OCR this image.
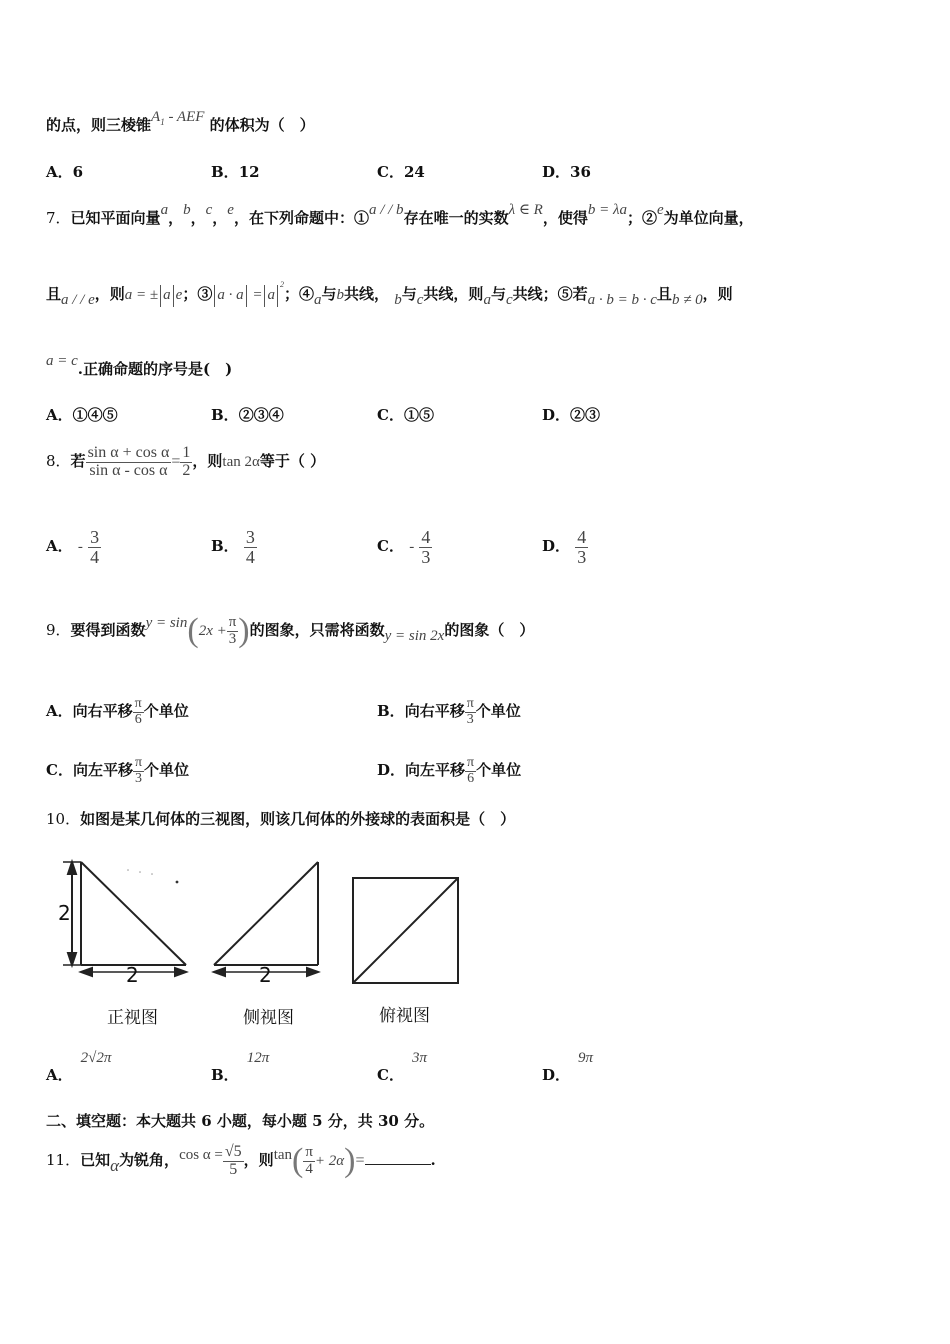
的点，则三棱锥$A_1$ - AEF 的体积为（　）
A．6	B．12	C．24	D．36
7．已知平面向量a，b，c，e，在下列命题中：①a / / b存在唯一的实数λ ∈ R，使得b = λa；②e为单位向量，
且a / / e，则a = ± a e；③ $a \cdot a = a^2$；④a与b共线， b与c共线，则a与c共线；⑤若a · b = b · c且b ≠ 0，则
a = c.正确命题的序号是(　)
A．①④⑤	B．②③④	C．①⑤	D．②③
8．若 $\frac{\text{sin α + cos α}}{\text{sin α - cos α}} = \frac{1}{2}$ ，则tan 2α等于（ ）
A． - $\frac{3}{4}$	B． $\frac{3}{4}$	C． - $\frac{4}{3}$	D． $\frac{4}{3}$
9．要得到函数$y = \sin(2x + \frac{\pi}{3}$ )的图象，只需将函数y = sin 2x的图象（　）
A．向右平移 $\frac{\pi}{6}$ 个单位	B．向右平移 $\frac{\pi}{3}$ 个单位
C．向左平移 $\frac{\pi}{3}$ 个单位	D．向左平移 $\frac{\pi}{6}$ 个单位
10．如图是某几何体的三视图，则该几何体的外接球的表面积是（　）
2
2
正视图
2
侧视图	俯视图
A．2√2π
B．12π
C．3π
D．9π
二、填空题：本大题共 6 小题，每小题 5 分，共 30 分。
11．已知α为锐角，$\cos \alpha = \frac{√5}{5}$ ，则$\tan( \frac{\pi}{4} + 2\alpha)=$	.
